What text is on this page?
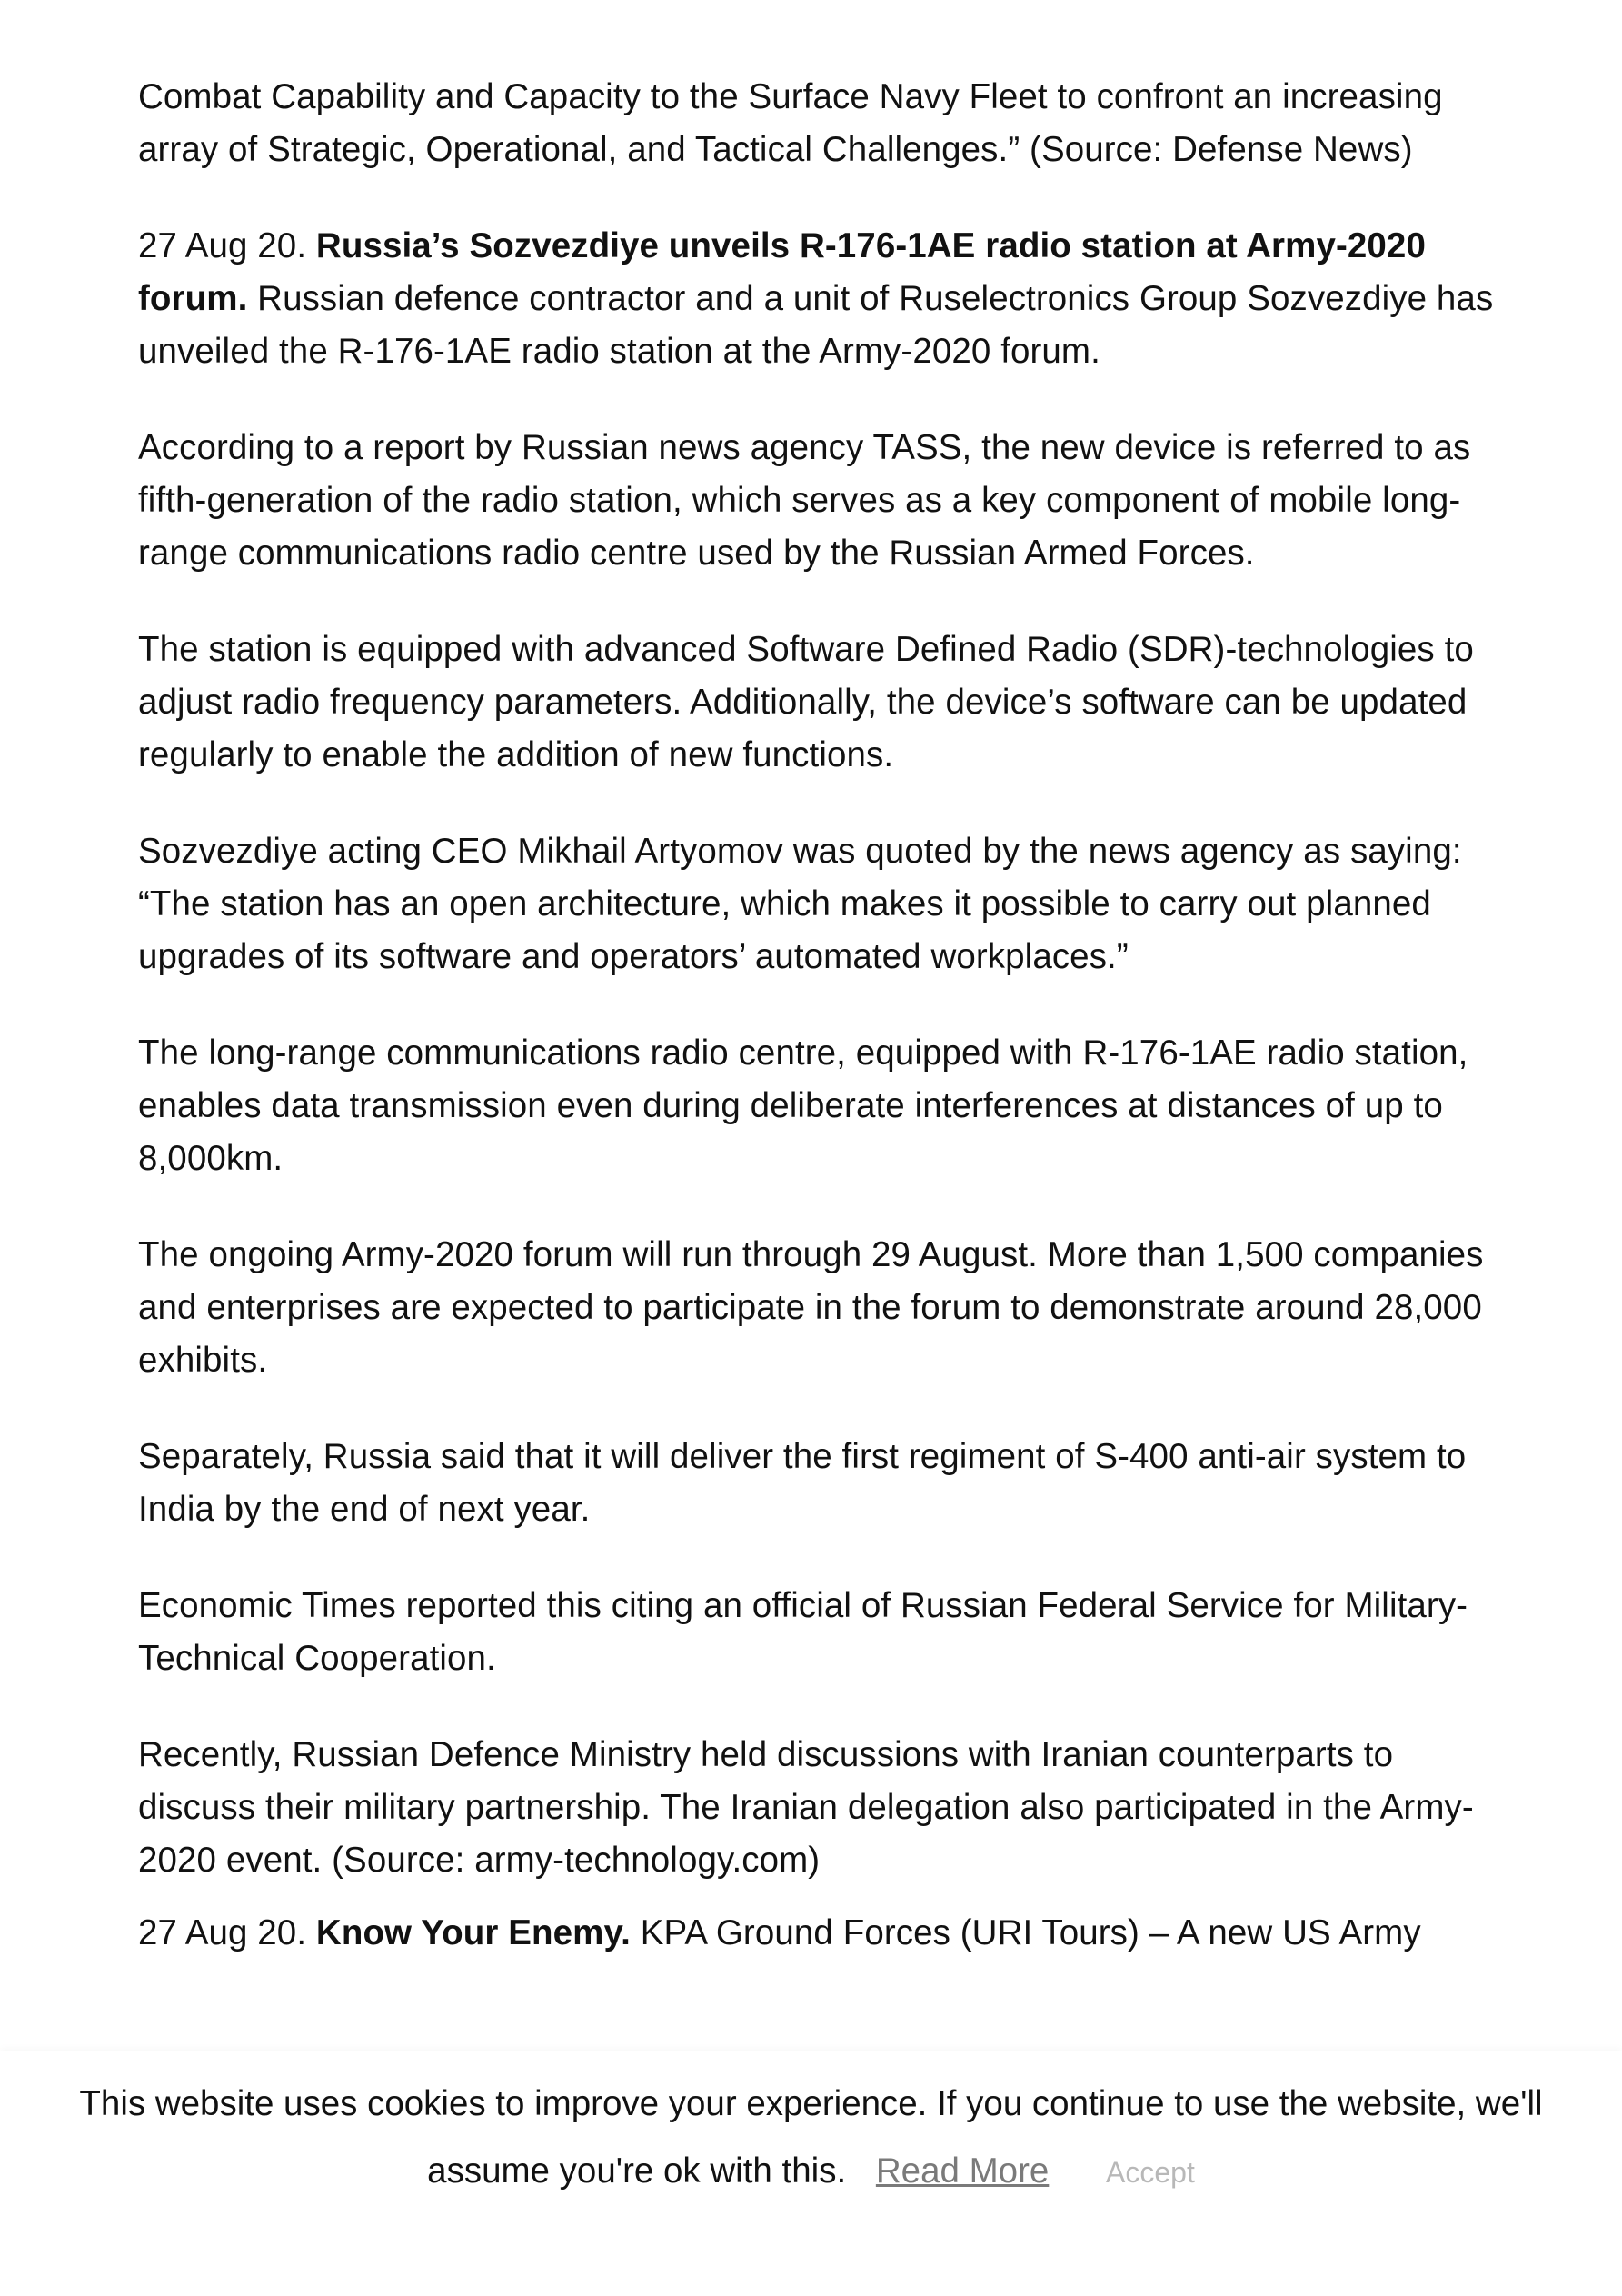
Combat Capability and Capacity to the Surface Navy Fleet to confront an increasing array of Strategic, Operational, and Tactical Challenges.” (Source: Defense News)

27 Aug 20. Russia’s Sozvezdiye unveils R-176-1AE radio station at Army-2020 forum. Russian defence contractor and a unit of Ruselectronics Group Sozvezdiye has unveiled the R-176-1AE radio station at the Army-2020 forum.

According to a report by Russian news agency TASS, the new device is referred to as fifth-generation of the radio station, which serves as a key component of mobile long-range communications radio centre used by the Russian Armed Forces.

The station is equipped with advanced Software Defined Radio (SDR)-technologies to adjust radio frequency parameters. Additionally, the device’s software can be updated regularly to enable the addition of new functions.

Sozvezdiye acting CEO Mikhail Artyomov was quoted by the news agency as saying: “The station has an open architecture, which makes it possible to carry out planned upgrades of its software and operators’ automated workplaces.”

The long-range communications radio centre, equipped with R-176-1AE radio station, enables data transmission even during deliberate interferences at distances of up to 8,000km.

The ongoing Army-2020 forum will run through 29 August. More than 1,500 companies and enterprises are expected to participate in the forum to demonstrate around 28,000 exhibits.

Separately, Russia said that it will deliver the first regiment of S-400 anti-air system to India by the end of next year.

Economic Times reported this citing an official of Russian Federal Service for Military-Technical Cooperation.

Recently, Russian Defence Ministry held discussions with Iranian counterparts to discuss their military partnership. The Iranian delegation also participated in the Army-2020 event. (Source: army-technology.com)

27 Aug 20. Know Your Enemy. KPA Ground Forces (URI Tours) – A new US Army

This website uses cookies to improve your experience. If you continue to use the website, we'll assume you're ok with this. Read More Accept
